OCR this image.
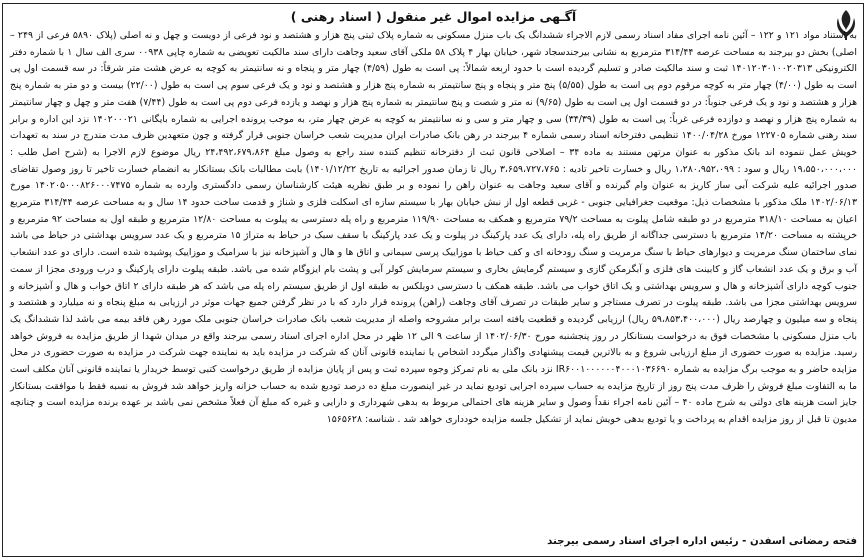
آگـهی مزایده اموال غیر منقول ( اسناد رهنی )
به استناد مواد ۱۲۱ و ۱۲۲ – آئین نامه اجرای مفاد اسناد رسمی لازم الاجراء ششدانگ یک باب منزل مسکونی به شماره پلاک ثبتی پنج هزار و هشتصد و نود فرعی از دویست و چهل و نه اصلی (پلاک ۵۸۹۰ فرعی از ۲۴۹ – اصلی) بخش دو بیرجند به مساحت عرصه ۳۱۴/۴۴ مترمربع به نشانی بیرجندسجاد شهر، خیابان بهار ۴ پلاک ۵۸ ملکی آقای سعید وجاهت دارای سند مالکیت تعویضی به شماره چاپی ۰۰۹۳۸ سری الف سال ۱ با شماره دفتر الکترونیکی ۱۴۰۱۲۰۳۰۱۰۰۲۰۳۱۳ ثبت و سند مالکیت صادر و تسلیم گردیده است با حدود اربعه شمالاً: پی است به طول (۴/۵۹) چهار متر و پنجاه و نه سانتیمتر به کوچه به عرض هشت متر شرقاً: در سه قسمت اول پی است به طول (۴/۰۰) چهار متر به کوچه مرقوم دوم پی است به طول (۵/۵۵) پنج متر و پنجاه و پنج سانتیمتر به شماره پنج هزار و هشتصد و نود و یک فرعی سوم پی است به طول (۲۲/۰۰) بیست و دو متر به شماره پنج هزار و هشتصد و نود و یک فرعی جنوباً: در دو قسمت اول پی است به طول (۹/۶۵) نه متر و شصت و پنج سانتیمتر به شماره پنج هزار و نهصد و یازده فرعی دوم پی است به طول (۷/۴۴) هفت متر و چهل و چهار سانتیمتر به شماره پنج هزار و نهصد و دوازده فرعی غرباً: پی است به طول (۳۴/۳۹) سی و چهار متر و سی و نه سانتیمتر به کوچه به عرض چهار متر، به موجب پرونده اجرایی به شماره بایگانی ۱۴۰۲۰۰۰۲۱ نزد این اداره و برابر سند رهنی شماره ۱۲۲۷۰۵ مورخ ۱۴۰۰/۰۴/۲۸ تنظیمی دفترخانه اسناد رسمی شماره ۴ بیرجند در رهن بانک صادرات ایران مدیریت شعب خراسان جنوبی قرار گرفته و چون متعهدین ظرف مدت مندرج در سند به تعهدات خویش عمل ننموده اند بانک مذکور به عنوان مرتهن مستند به ماده ۳۴ – اصلاحی قانون ثبت از دفترخانه تنظیم کننده سند راجع به وصول مبلغ ۲۴،۴۹۲،۶۷۹،۸۶۴ ریال موضوع لازم الاجرا به (شرح اصل طلب : ۱۹،۵۵۰،۰۰۰،۰۰۰ ریال و سود : ۱،۲۸۰،۹۵۲،۰۹۹ ریال و خسارت تاخیر تادیه : ۳،۶۵۹،۷۲۷،۷۶۵ ریال تا زمان صدور اجرائیه به تاریخ ۱۴۰۱/۱۲/۲۲) بابت مطالبات بانک بستانکار به انضمام خسارت تاخیر تا روز وصول تقاضای صدور اجرائیه علیه شرکت آبی ساز کاریز به عنوان وام گیرنده و آقای سعید وجاهت به عنوان راهن را نموده و بر طبق نظریه هیئت کارشناسان رسمی دادگستری وارده به شماره ۱۴۰۲۰۵۰۰۰۸۲۶۰۰۰۷۴۷۵ مورخ ۱۴۰۲/۰۶/۱۳ ملک مذکور با مشخصات ذیل: موقعیت جغرافیایی جنوبی - غربی قطعه اول از نبش خیابان بهار با سیستم سازه ای اسکلت فلزی و شناژ و قدمت ساخت حدود ۱۴ سال و به مساحت عرصه ۳۱۴/۴۴ مترمربع اعیان به مساحت ۳۱۸/۱۰ مترمربع در دو طبقه شامل پیلوت به مساحت ۷۹/۲ مترمربع و همکف به مساحت ۱۱۹/۹۰ مترمربع و راه پله دسترسی به پیلوت به مساحت ۱۲/۸۰ مترمربع و طبقه اول به مساحت ۹۲ مترمربع و خرپشته به مساحت ۱۴/۲۰ مترمربع با دسترسی جداگانه از طریق راه پله، دارای یک عدد پارکینگ در پیلوت و یک عدد پارکینگ با سقف سبک در حیاط به متراژ ۱۵ مترمربع و یک عدد سرویس بهداشتی در حیاط می باشد نمای ساختمان سنگ مرمریت و دیوارهای حیاط با سنگ مرمریت و سنگ رودخانه ای و کف حیاط با موزاییک پرسی سیمانی و اتاق ها و هال و آشپزخانه نیز با سرامیک و موزاییک پوشیده شده است. دارای دو عدد انشعاب آب و برق و یک عدد انشعاب گاز و کابینت های فلزی و آبگرمکن گازی و سیستم گرمایش بخاری و سیستم سرمایش کولر آبی و پشت بام ایزوگام شده می باشد. طبقه پیلوت دارای پارکینگ و درب ورودی مجزا از سمت جنوب کوچه دارای آشپزخانه و هال و سرویس بهداشتی و یک اتاق خواب می باشد. طبقه همکف با دسترسی دوبلکس به طبقه اول از طریق سیستم راه پله می باشد که هر طبقه دارای ۲ اتاق خواب و هال و آشپزخانه و سرویس بهداشتی مجزا می باشد. طبقه پیلوت در تصرف مستاجر و سایر طبقات در تصرف آقای وجاهت (راهن) پرونده قرار دارد که با در نظر گرفتن جمیع جهات موثر در ارزیابی به مبلغ پنجاه و نه میلیارد و هشتصد و پنجاه و سه میلیون و چهارصد ریال (۵۹،۸۵۳،۴۰۰،۰۰۰ ریال) ارزیابی گردیده و قطعیت یافته است برابر مشروحه واصله از مدیریت شعب بانک صادرات خراسان جنوبی ملک مورد رهن فاقد بیمه می باشد لذا ششدانگ یک باب منزل مسکونی با مشخصات فوق به درخواست بستانکار در روز پنجشنبه مورخ ۱۴۰۲/۰۶/۳۰ از ساعت ۹ الی ۱۲ ظهر در محل اداره اجرای اسناد رسمی بیرجند واقع در میدان شهدا از طریق مزایده به فروش خواهد رسید. مزایده به صورت حضوری از مبلغ ارزیابی شروع و به بالاترین قیمت پیشنهادی واگذار میگردد اشخاص یا نماینده قانونی آنان که شرکت در مزایده باید به نماینده جهت شرکت در مزایده به صورت حضوری در محل مزایده حاضر و به موجب برگ مزایده به شماره IR۶۰۰۱۰۰۰۰۰۰۴۰۰۰۱۰۳۶۶۹۰ نزد بانک ملی به نام تمرکز وجوه سپرده ثبت و پس از پایان مزایده از طریق درخواست کتبی توسط خریدار یا نماینده قانونی آنان مکلف است ما به التفاوت مبلغ فروش را ظرف مدت پنج روز از تاریخ مزایده به حساب سپرده اجرایی تودیع نماید در غیر اینصورت مبلغ ده درصد تودیع شده به حساب خزانه واریز خواهد شد فروش به نسبه فقط با موافقت بستانکار جایز است هزینه های دولتی به شرح ماده ۴۰ – آئین نامه اجراء نقداً وصول و سایر هزینه های احتمالی مربوط به بدهی شهرداری و دارایی و غیره که مبلغ آن فعلاً مشخص نمی باشد بر عهده برنده مزایده است و چنانچه مدیون تا قبل از روز مزایده اقدام به پرداخت و یا تودیع بدهی خویش نماید از تشکیل جلسه مزایده خودداری خواهد شد . شناسه: ۱۵۶۵۶۲۸
فتحه رمضانی اسفدن - رئیس اداره اجرای اسناد رسمی بیرجند
